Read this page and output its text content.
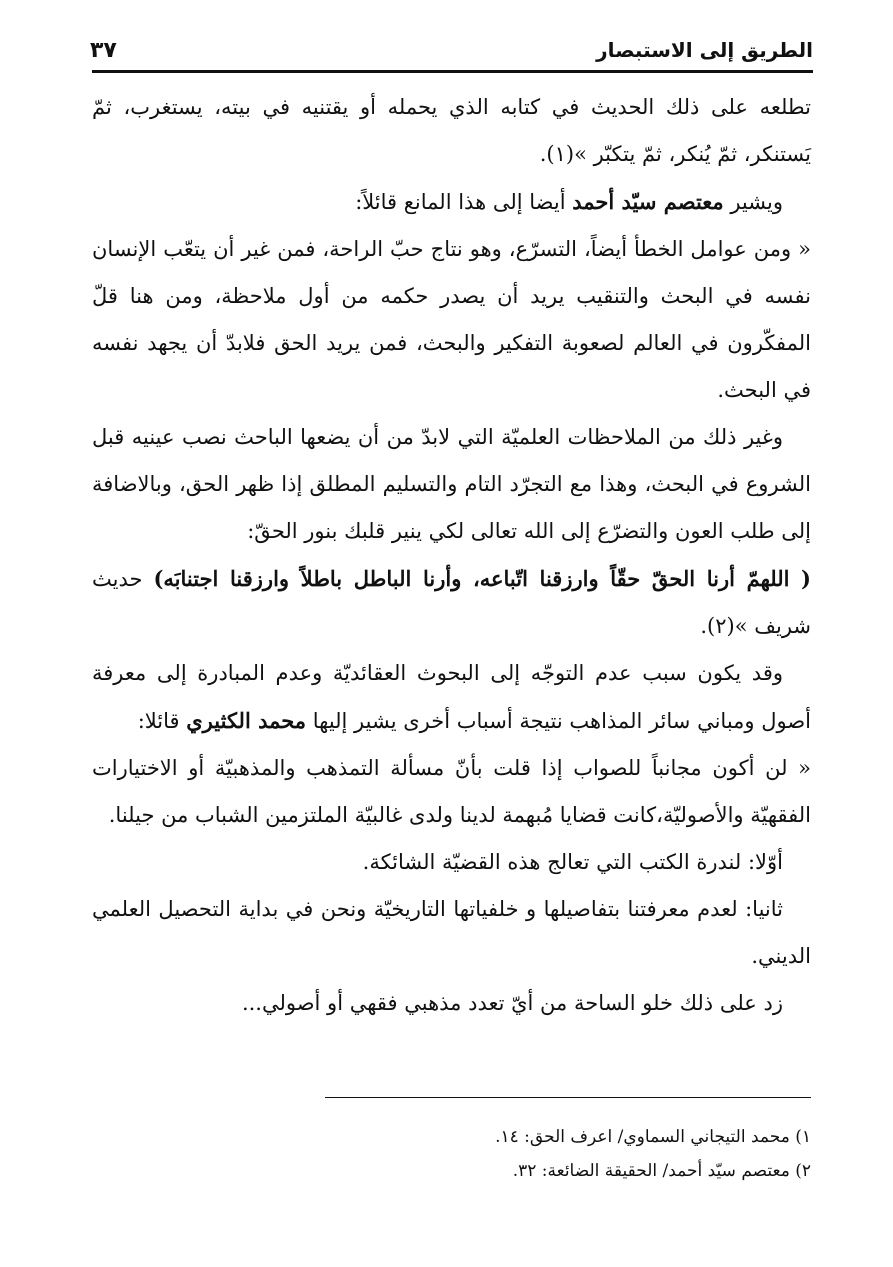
الطريق إلى الاستبصار
٣٧

تطلعه على ذلك الحديث في كتابه الذي يحمله أو يقتنيه في بيته، يستغرب، ثمّ يَستنكر، ثمّ يُنكر، ثمّ يتكبّر »(١).

ويشير معتصم سيّد أحمد أيضا إلى هذا المانع قائلاً:

« ومن عوامل الخطأ أيضاً، التسرّع، وهو نتاج حبّ الراحة، فمن غير أن يتعّب الإنسان نفسه في البحث والتنقيب يريد أن يصدر حكمه من أول ملاحظة، ومن هنا قلّ المفكّرون في العالم لصعوبة التفكير والبحث، فمن يريد الحق فلابدّ أن يجهد نفسه في البحث.

وغير ذلك من الملاحظات العلميّة التي لابدّ من أن يضعها الباحث نصب عينيه قبل الشروع في البحث، وهذا مع التجرّد التام والتسليم المطلق إذا ظهر الحق، وبالاضافة إلى طلب العون والتضرّع إلى الله تعالى لكي ينير قلبك بنور الحقّ:

( اللهمّ أرنا الحقّ حقّاً وارزقنا اتّباعه، وأرنا الباطل باطلاً وارزقنا اجتنابَه) حديث شريف »(٢).

وقد يكون سبب عدم التوجّه إلى البحوث العقائديّة وعدم المبادرة إلى معرفة أصول ومباني سائر المذاهب نتيجة أسباب أخرى يشير إليها محمد الكثيري قائلا:

« لن أكون مجانباً للصواب إذا قلت بأنّ مسألة التمذهب والمذهبيّة أو الاختيارات الفقهيّة والأصوليّة،كانت قضايا مُبهمة لدينا ولدى غالبيّة الملتزمين الشباب من جيلنا.

أوّلا: لندرة الكتب التي تعالج هذه القضيّة الشائكة.

ثانيا: لعدم معرفتنا بتفاصيلها و خلفياتها التاريخيّة ونحن في بداية التحصيل العلمي الديني.

زد على ذلك خلو الساحة من أيّ تعدد مذهبي فقهي أو أصولي...

١) محمد التيجاني السماوي/ اعرف الحق: ١٤.
٢) معتصم سيّد أحمد/ الحقيقة الضائعة: ٣٢.
